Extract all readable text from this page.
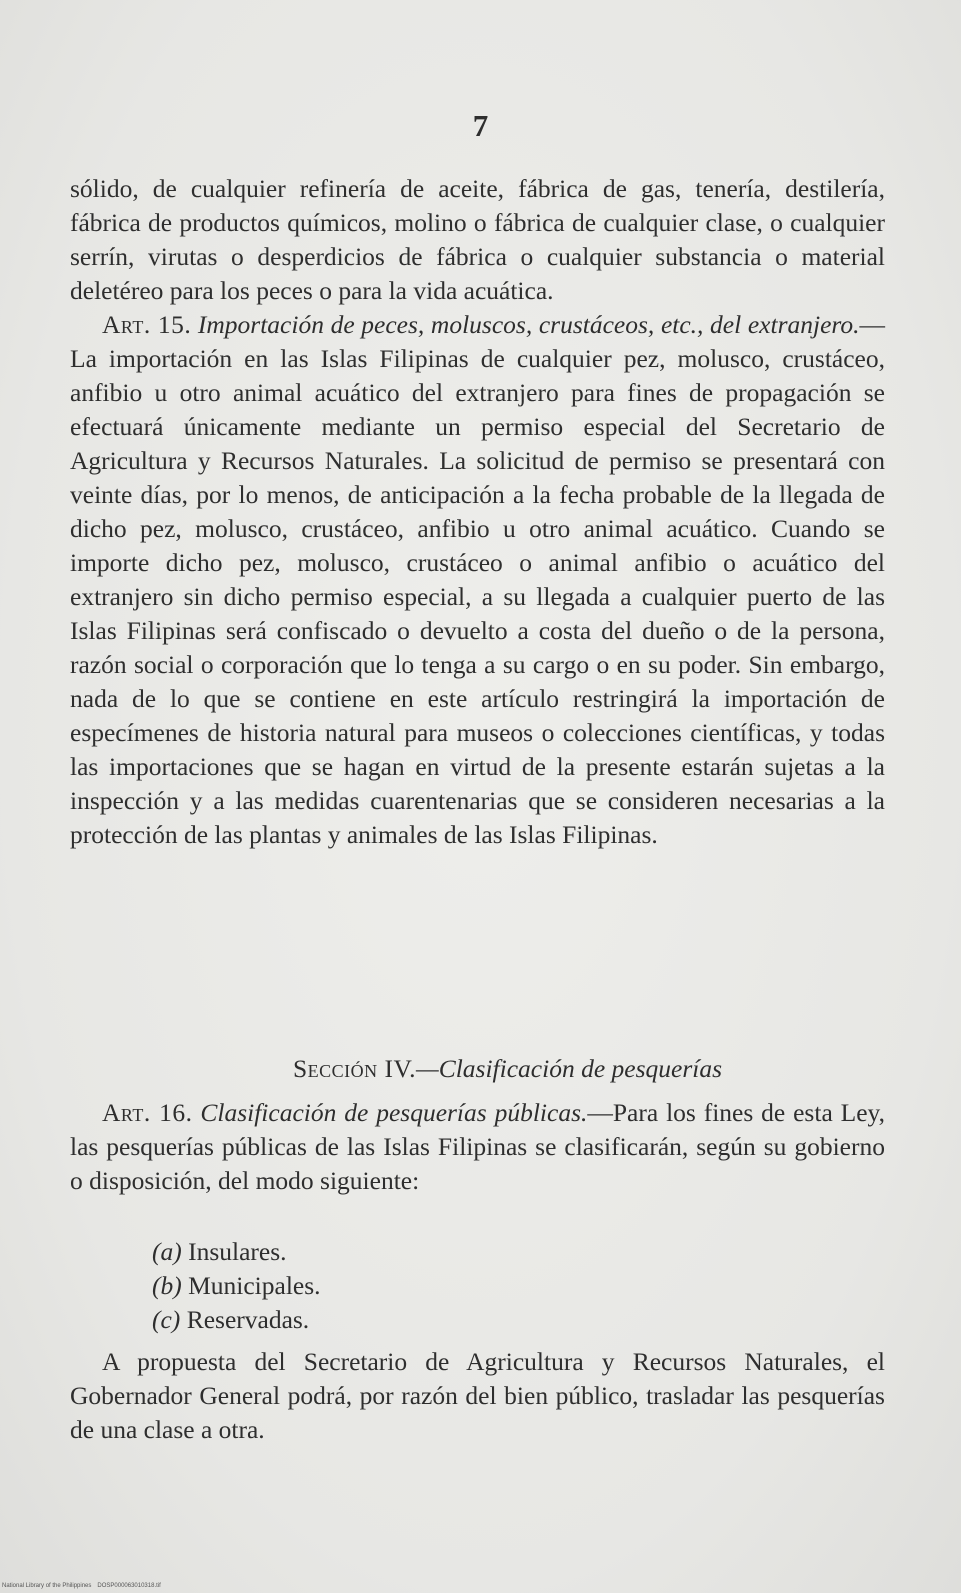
7

sólido, de cualquier refinería de aceite, fábrica de gas, tenería, destilería, fábrica de productos químicos, molino o fábrica de cualquier clase, o cualquier serrín, virutas o desperdicios de fábrica o cualquier substancia o material deletéreo para los peces o para la vida acuática.

Art. 15. Importación de peces, moluscos, crustáceos, etc., del extranjero.—La importación en las Islas Filipinas de cualquier pez, molusco, crustáceo, anfibio u otro animal acuático del extranjero para fines de propagación se efectuará únicamente mediante un permiso especial del Secretario de Agricultura y Recursos Naturales. La solicitud de permiso se presentará con veinte días, por lo menos, de anticipación a la fecha probable de la llegada de dicho pez, molusco, crustáceo, anfibio u otro animal acuático. Cuando se importe dicho pez, molusco, crustáceo o animal anfibio o acuático del extranjero sin dicho permiso especial, a su llegada a cualquier puerto de las Islas Filipinas será confiscado o devuelto a costa del dueño o de la persona, razón social o corporación que lo tenga a su cargo o en su poder. Sin embargo, nada de lo que se contiene en este artículo restringirá la importación de especímenes de historia natural para museos o colecciones científicas, y todas las importaciones que se hagan en virtud de la presente estarán sujetas a la inspección y a las medidas cuarentenarias que se consideren necesarias a la protección de las plantas y animales de las Islas Filipinas.

Sección IV.—Clasificación de pesquerías

Art. 16. Clasificación de pesquerías públicas.—Para los fines de esta Ley, las pesquerías públicas de las Islas Filipinas se clasificarán, según su gobierno o disposición, del modo siguiente:

(a) Insulares.
(b) Municipales.
(c) Reservadas.

A propuesta del Secretario de Agricultura y Recursos Naturales, el Gobernador General podrá, por razón del bien público, trasladar las pesquerías de una clase a otra.

National Library of the Philippines DOSP000063010318.tif
